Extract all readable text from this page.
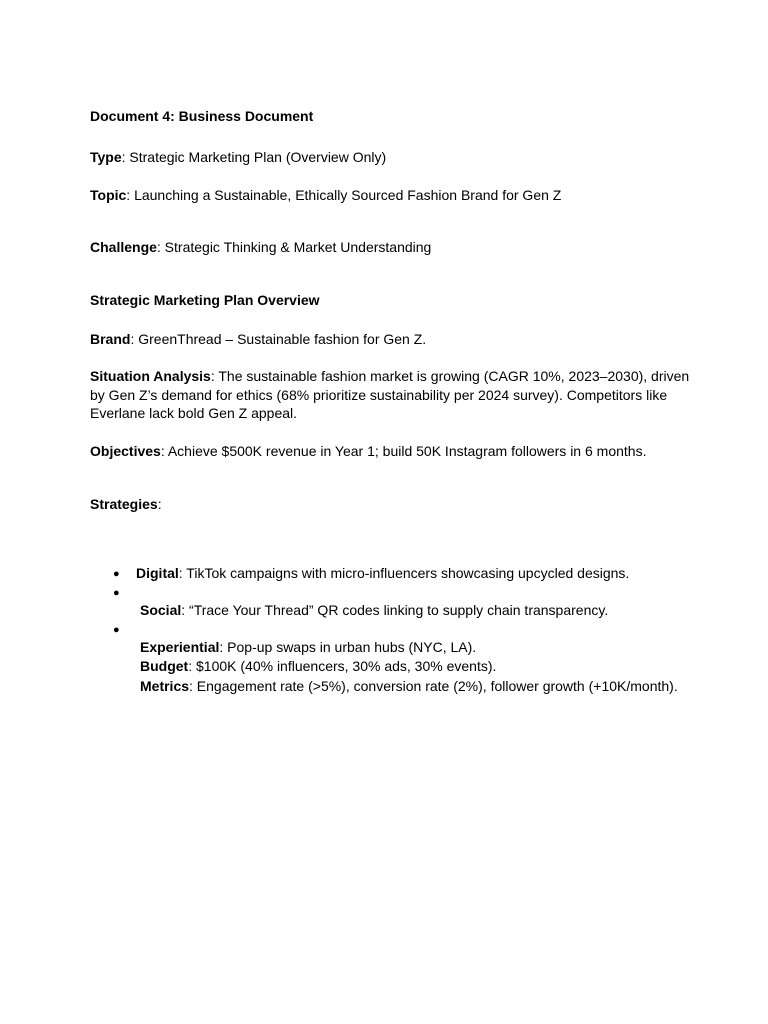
Document 4: Business Document
Type: Strategic Marketing Plan (Overview Only)
Topic: Launching a Sustainable, Ethically Sourced Fashion Brand for Gen Z
Challenge: Strategic Thinking & Market Understanding
Strategic Marketing Plan Overview
Brand: GreenThread – Sustainable fashion for Gen Z.
Situation Analysis: The sustainable fashion market is growing (CAGR 10%, 2023–2030), driven by Gen Z’s demand for ethics (68% prioritize sustainability per 2024 survey). Competitors like Everlane lack bold Gen Z appeal.
Objectives: Achieve $500K revenue in Year 1; build 50K Instagram followers in 6 months.
Strategies:
● Digital: TikTok campaigns with micro-influencers showcasing upcycled designs.
●
Social: “Trace Your Thread” QR codes linking to supply chain transparency.
●
Experiential: Pop-up swaps in urban hubs (NYC, LA).
Budget: $100K (40% influencers, 30% ads, 30% events).
Metrics: Engagement rate (>5%), conversion rate (2%), follower growth (+10K/month).
